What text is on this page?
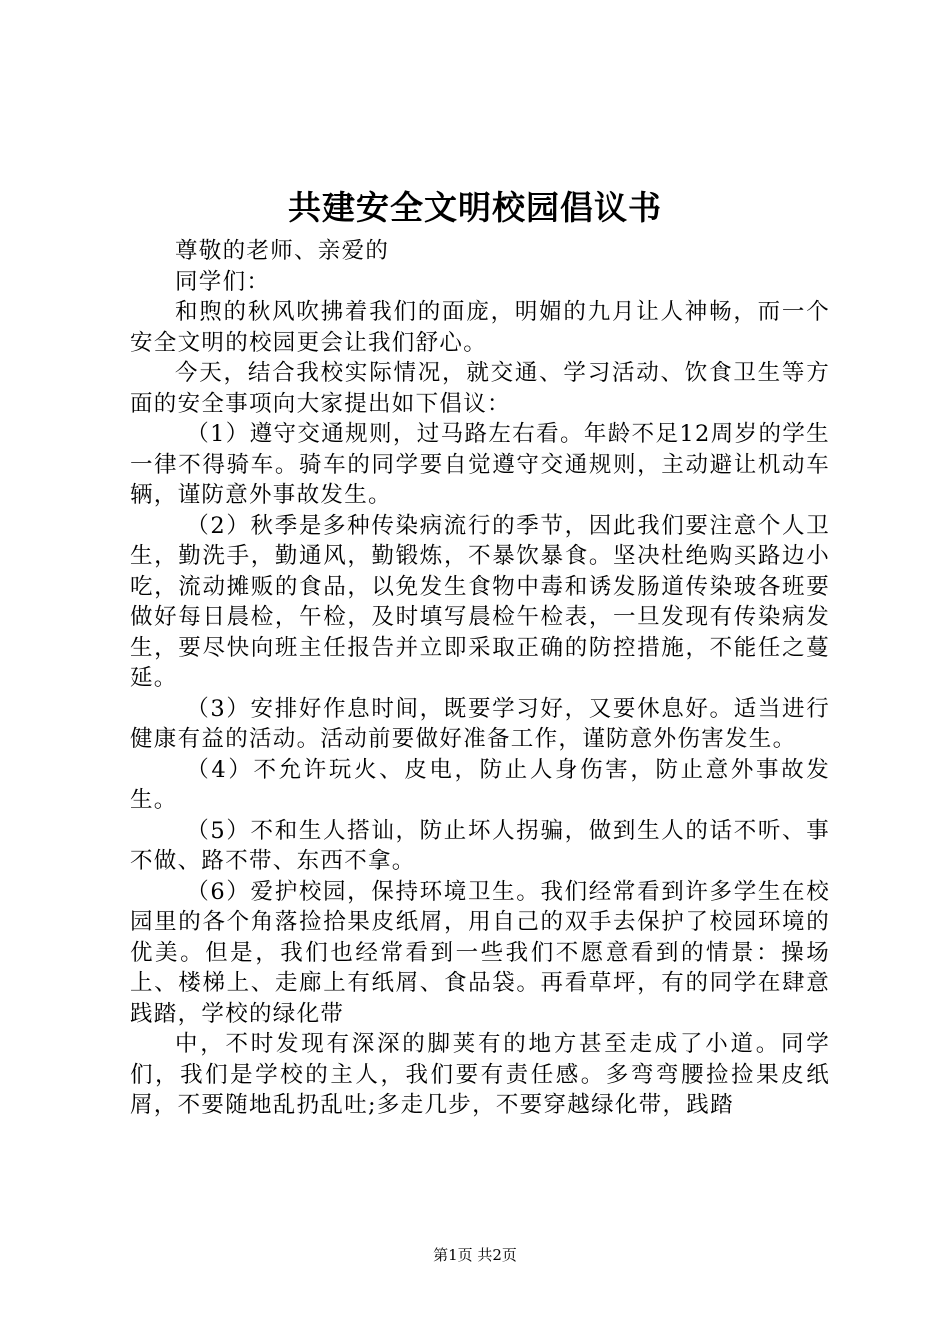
共建安全文明校园倡议书

尊敬的老师、亲爱的

同学们：

和煦的秋风吹拂着我们的面庞，明媚的九月让人神畅，而一个安全文明的校园更会让我们舒心。

今天，结合我校实际情况，就交通、学习活动、饮食卫生等方面的安全事项向大家提出如下倡议：

（1）遵守交通规则，过马路左右看。年龄不足12周岁的学生一律不得骑车。骑车的同学要自觉遵守交通规则，主动避让机动车辆，谨防意外事故发生。

（2）秋季是多种传染病流行的季节，因此我们要注意个人卫生，勤洗手，勤通风，勤锻炼，不暴饮暴食。坚决杜绝购买路边小吃，流动摊贩的食品，以免发生食物中毒和诱发肠道传染玻各班要做好每日晨检，午检，及时填写晨检午检表，一旦发现有传染病发生，要尽快向班主任报告并立即采取正确的防控措施，不能任之蔓延。

（3）安排好作息时间，既要学习好，又要休息好。适当进行健康有益的活动。活动前要做好准备工作，谨防意外伤害发生。

（4）不允许玩火、皮电，防止人身伤害，防止意外事故发生。

（5）不和生人搭讪，防止坏人拐骗，做到生人的话不听、事不做、路不带、东西不拿。

（6）爱护校园，保持环境卫生。我们经常看到许多学生在校园里的各个角落捡拾果皮纸屑，用自己的双手去保护了校园环境的优美。但是，我们也经常看到一些我们不愿意看到的情景：操场上、楼梯上、走廊上有纸屑、食品袋。再看草坪，有的同学在肆意践踏，学校的绿化带

中，不时发现有深深的脚荚有的地方甚至走成了小道。同学们，我们是学校的主人，我们要有责任感。多弯弯腰捡捡果皮纸屑，不要随地乱扔乱吐;多走几步，不要穿越绿化带，践踏

第1页 共2页
